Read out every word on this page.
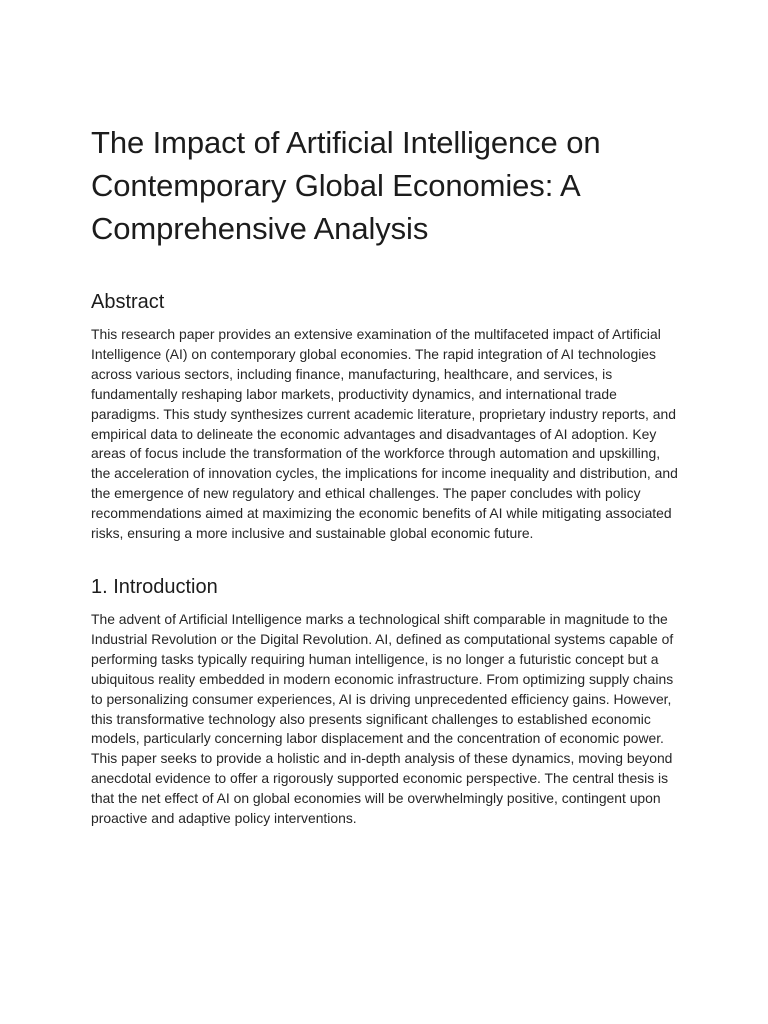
The Impact of Artificial Intelligence on Contemporary Global Economies: A Comprehensive Analysis
Abstract

This research paper provides an extensive examination of the multifaceted impact of Artificial Intelligence (AI) on contemporary global economies. The rapid integration of AI technologies across various sectors, including finance, manufacturing, healthcare, and services, is fundamentally reshaping labor markets, productivity dynamics, and international trade paradigms. This study synthesizes current academic literature, proprietary industry reports, and empirical data to delineate the economic advantages and disadvantages of AI adoption. Key areas of focus include the transformation of the workforce through automation and upskilling, the acceleration of innovation cycles, the implications for income inequality and distribution, and the emergence of new regulatory and ethical challenges. The paper concludes with policy recommendations aimed at maximizing the economic benefits of AI while mitigating associated risks, ensuring a more inclusive and sustainable global economic future.

1. Introduction

The advent of Artificial Intelligence marks a technological shift comparable in magnitude to the Industrial Revolution or the Digital Revolution. AI, defined as computational systems capable of performing tasks typically requiring human intelligence, is no longer a futuristic concept but a ubiquitous reality embedded in modern economic infrastructure. From optimizing supply chains to personalizing consumer experiences, AI is driving unprecedented efficiency gains. However, this transformative technology also presents significant challenges to established economic models, particularly concerning labor displacement and the concentration of economic power. This paper seeks to provide a holistic and in-depth analysis of these dynamics, moving beyond anecdotal evidence to offer a rigorously supported economic perspective. The central thesis is that the net effect of AI on global economies will be overwhelmingly positive, contingent upon proactive and adaptive policy interventions.
